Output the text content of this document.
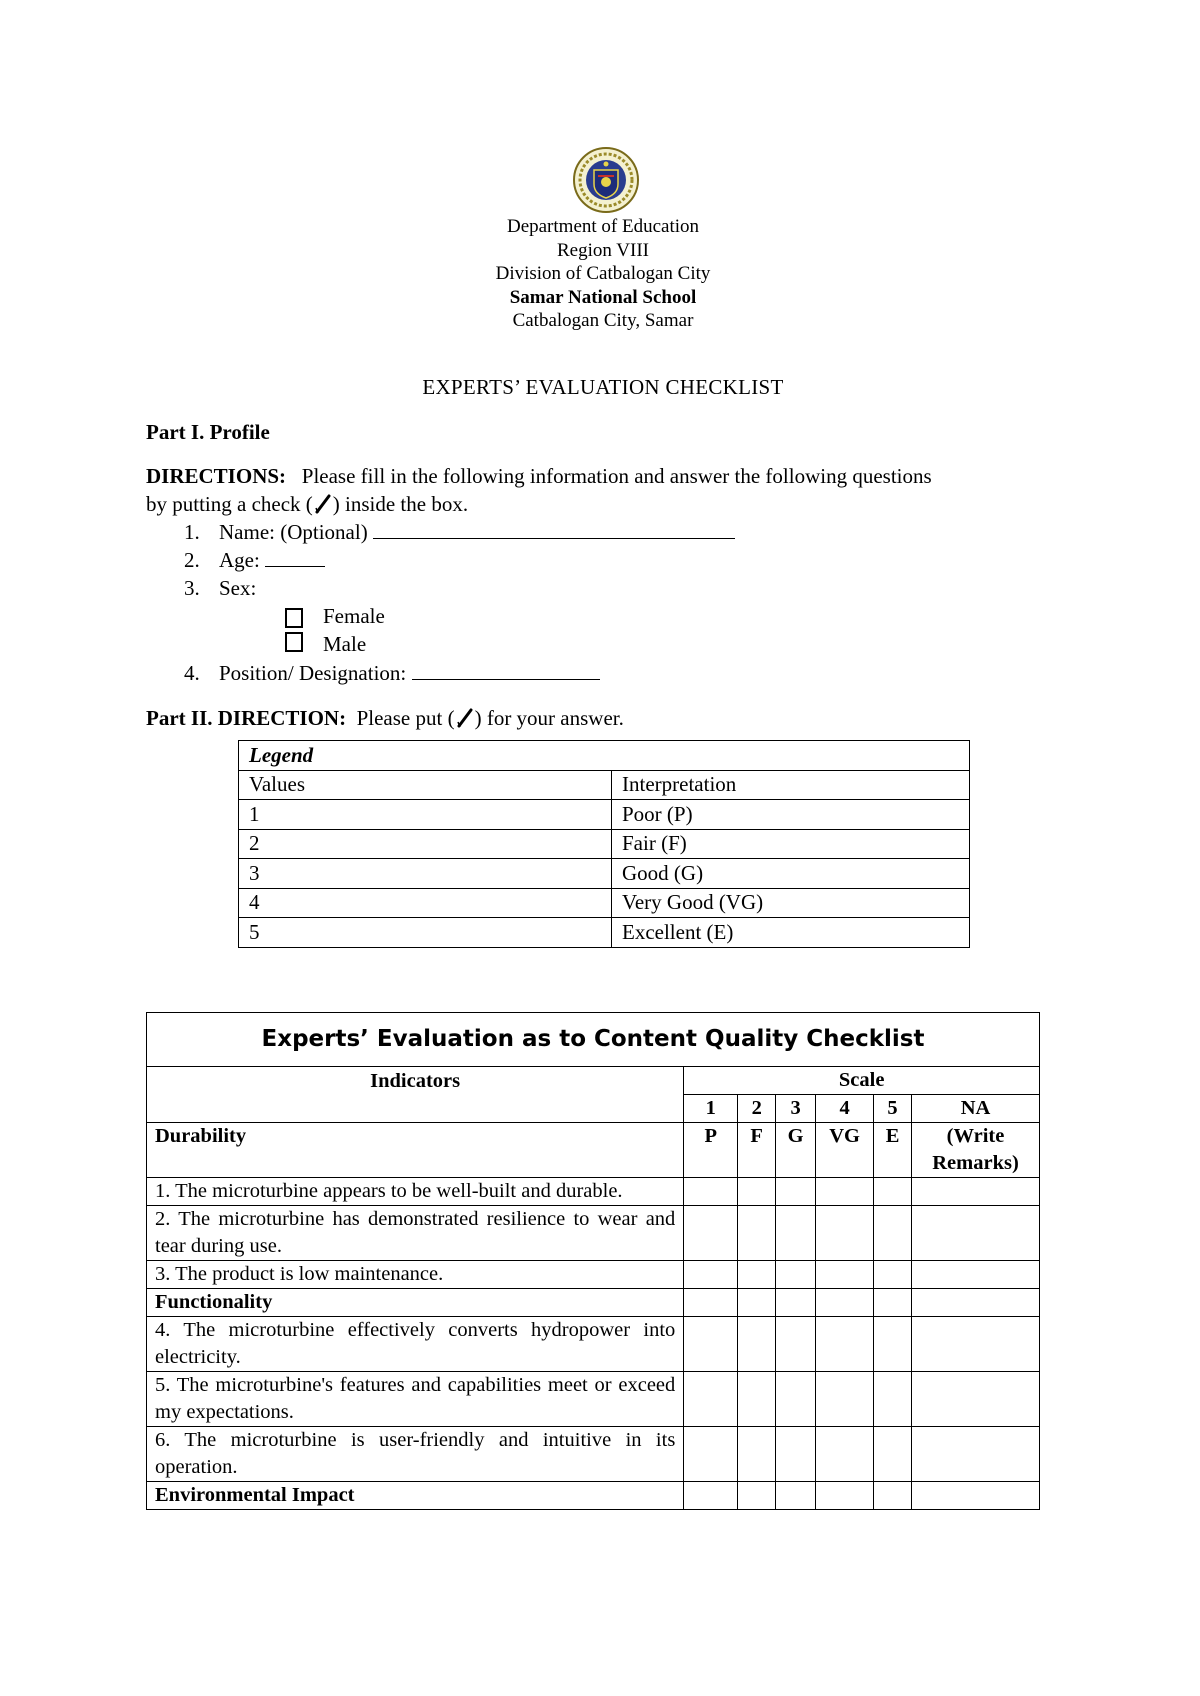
Department of Education
Region VIII
Division of Catbalogan City
Samar National School
Catbalogan City, Samar
EXPERTS’ EVALUATION CHECKLIST
Part I. Profile
DIRECTIONS: Please fill in the following information and answer the following questions
by putting a check ( ) inside the box.
1. Name: (Optional)
2. Age:
3. Sex:
Female
Male
4. Position/ Designation:
Part II. DIRECTION: Please put ( ) for your answer.
Legend	
Values	Interpretation
1	Poor (P)
2	Fair (F)
3	Good (G)
4	Very Good (VG)
5	Excellent (E)
Experts’ Evaluation as to Content Quality Checklist						
Indicators	Scale					
	1	2	3	4	5	NA
Durability	P	F	G	VG	E	(Write Remarks)
1. The microturbine appears to be well-built and durable.						
2. The microturbine has demonstrated resilience to wear and tear during use.						
3. The product is low maintenance.						
Functionality						
4. The microturbine effectively converts hydropower into electricity.						
5. The microturbine's features and capabilities meet or exceed my expectations.						
6. The microturbine is user-friendly and intuitive in its operation.						
Environmental Impact						
